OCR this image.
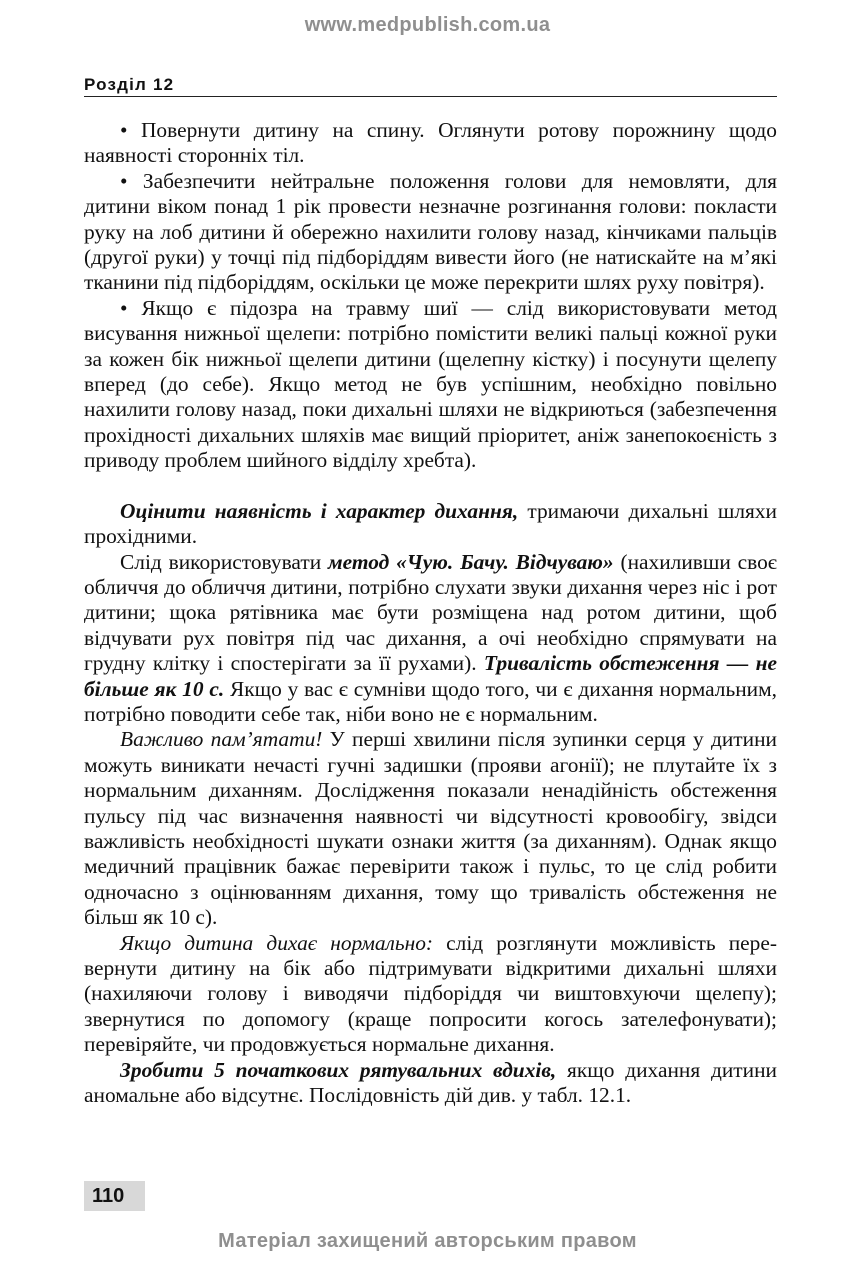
www.medpublish.com.ua
Розділ 12

• Повернути дитину на спину. Оглянути ротову порожнину щодо наявності сторонніх тіл.

• Забезпечити нейтральне положення голови для немовляти, для дитини віком понад 1 рік провести незначне розгинання голови: покласти руку на лоб дитини й обережно нахилити голову назад, кінчиками пальців (другої руки) у точці під підборіддям вивести його (не натискайте на м’які тканини під підборіддям, оскільки це може перекрити шлях руху повітря).

• Якщо є підозра на травму шиї — слід використовувати метод висування нижньої щелепи: потрібно помістити великі пальці кожної руки за кожен бік нижньої щелепи дитини (щелепну кістку) і посунути щелепу вперед (до себе). Якщо метод не був успішним, необхідно повільно нахилити голову назад, поки дихальні шляхи не відкриються (забезпечення прохідності дихальних шляхів має вищий пріоритет, аніж занепокоєність з приводу проблем шийного відділу хребта).

Оцінити наявність і характер дихання, тримаючи дихальні шляхи прохідними.

Слід використовувати метод «Чую. Бачу. Відчуваю» (нахиливши своє обличчя до обличчя дитини, потрібно слухати звуки дихання через ніс і рот дитини; щока рятівника має бути розміщена над ротом дитини, щоб відчувати рух повітря під час дихання, а очі необхідно спрямувати на грудну клітку і спостерігати за її рухами). Тривалість обстеження — не більше як 10 с. Якщо у вас є сумніви щодо того, чи є дихання нормальним, потрібно поводити себе так, ніби воно не є нормальним.

Важливо пам’ятати! У перші хвилини після зупинки серця у дитини можуть виникати нечасті гучні задишки (прояви агонії); не плутайте їх з нормальним диханням. Дослідження показали ненадійність обстеження пульсу під час визначення наявності чи відсутності кровообігу, звідси важливість необхідності шукати ознаки життя (за диханням). Однак якщо медичний працівник бажає перевірити також і пульс, то це слід робити одночасно з оцінюванням дихання, тому що тривалість обстеження не більш як 10 с).

Якщо дитина дихає нормально: слід розглянути можливість перевернути дитину на бік або підтримувати відкритими дихальні шляхи (нахиляючи голову і виводячи підборіддя чи виштовхуючи щелепу); звернутися по допомогу (краще попросити когось зателефонувати); перевіряйте, чи продовжується нормальне дихання.

Зробити 5 початкових рятувальних вдихів, якщо дихання дитини аномальне або відсутнє. Послідовність дій див. у табл. 12.1.

110
Матеріал захищений авторським правом
